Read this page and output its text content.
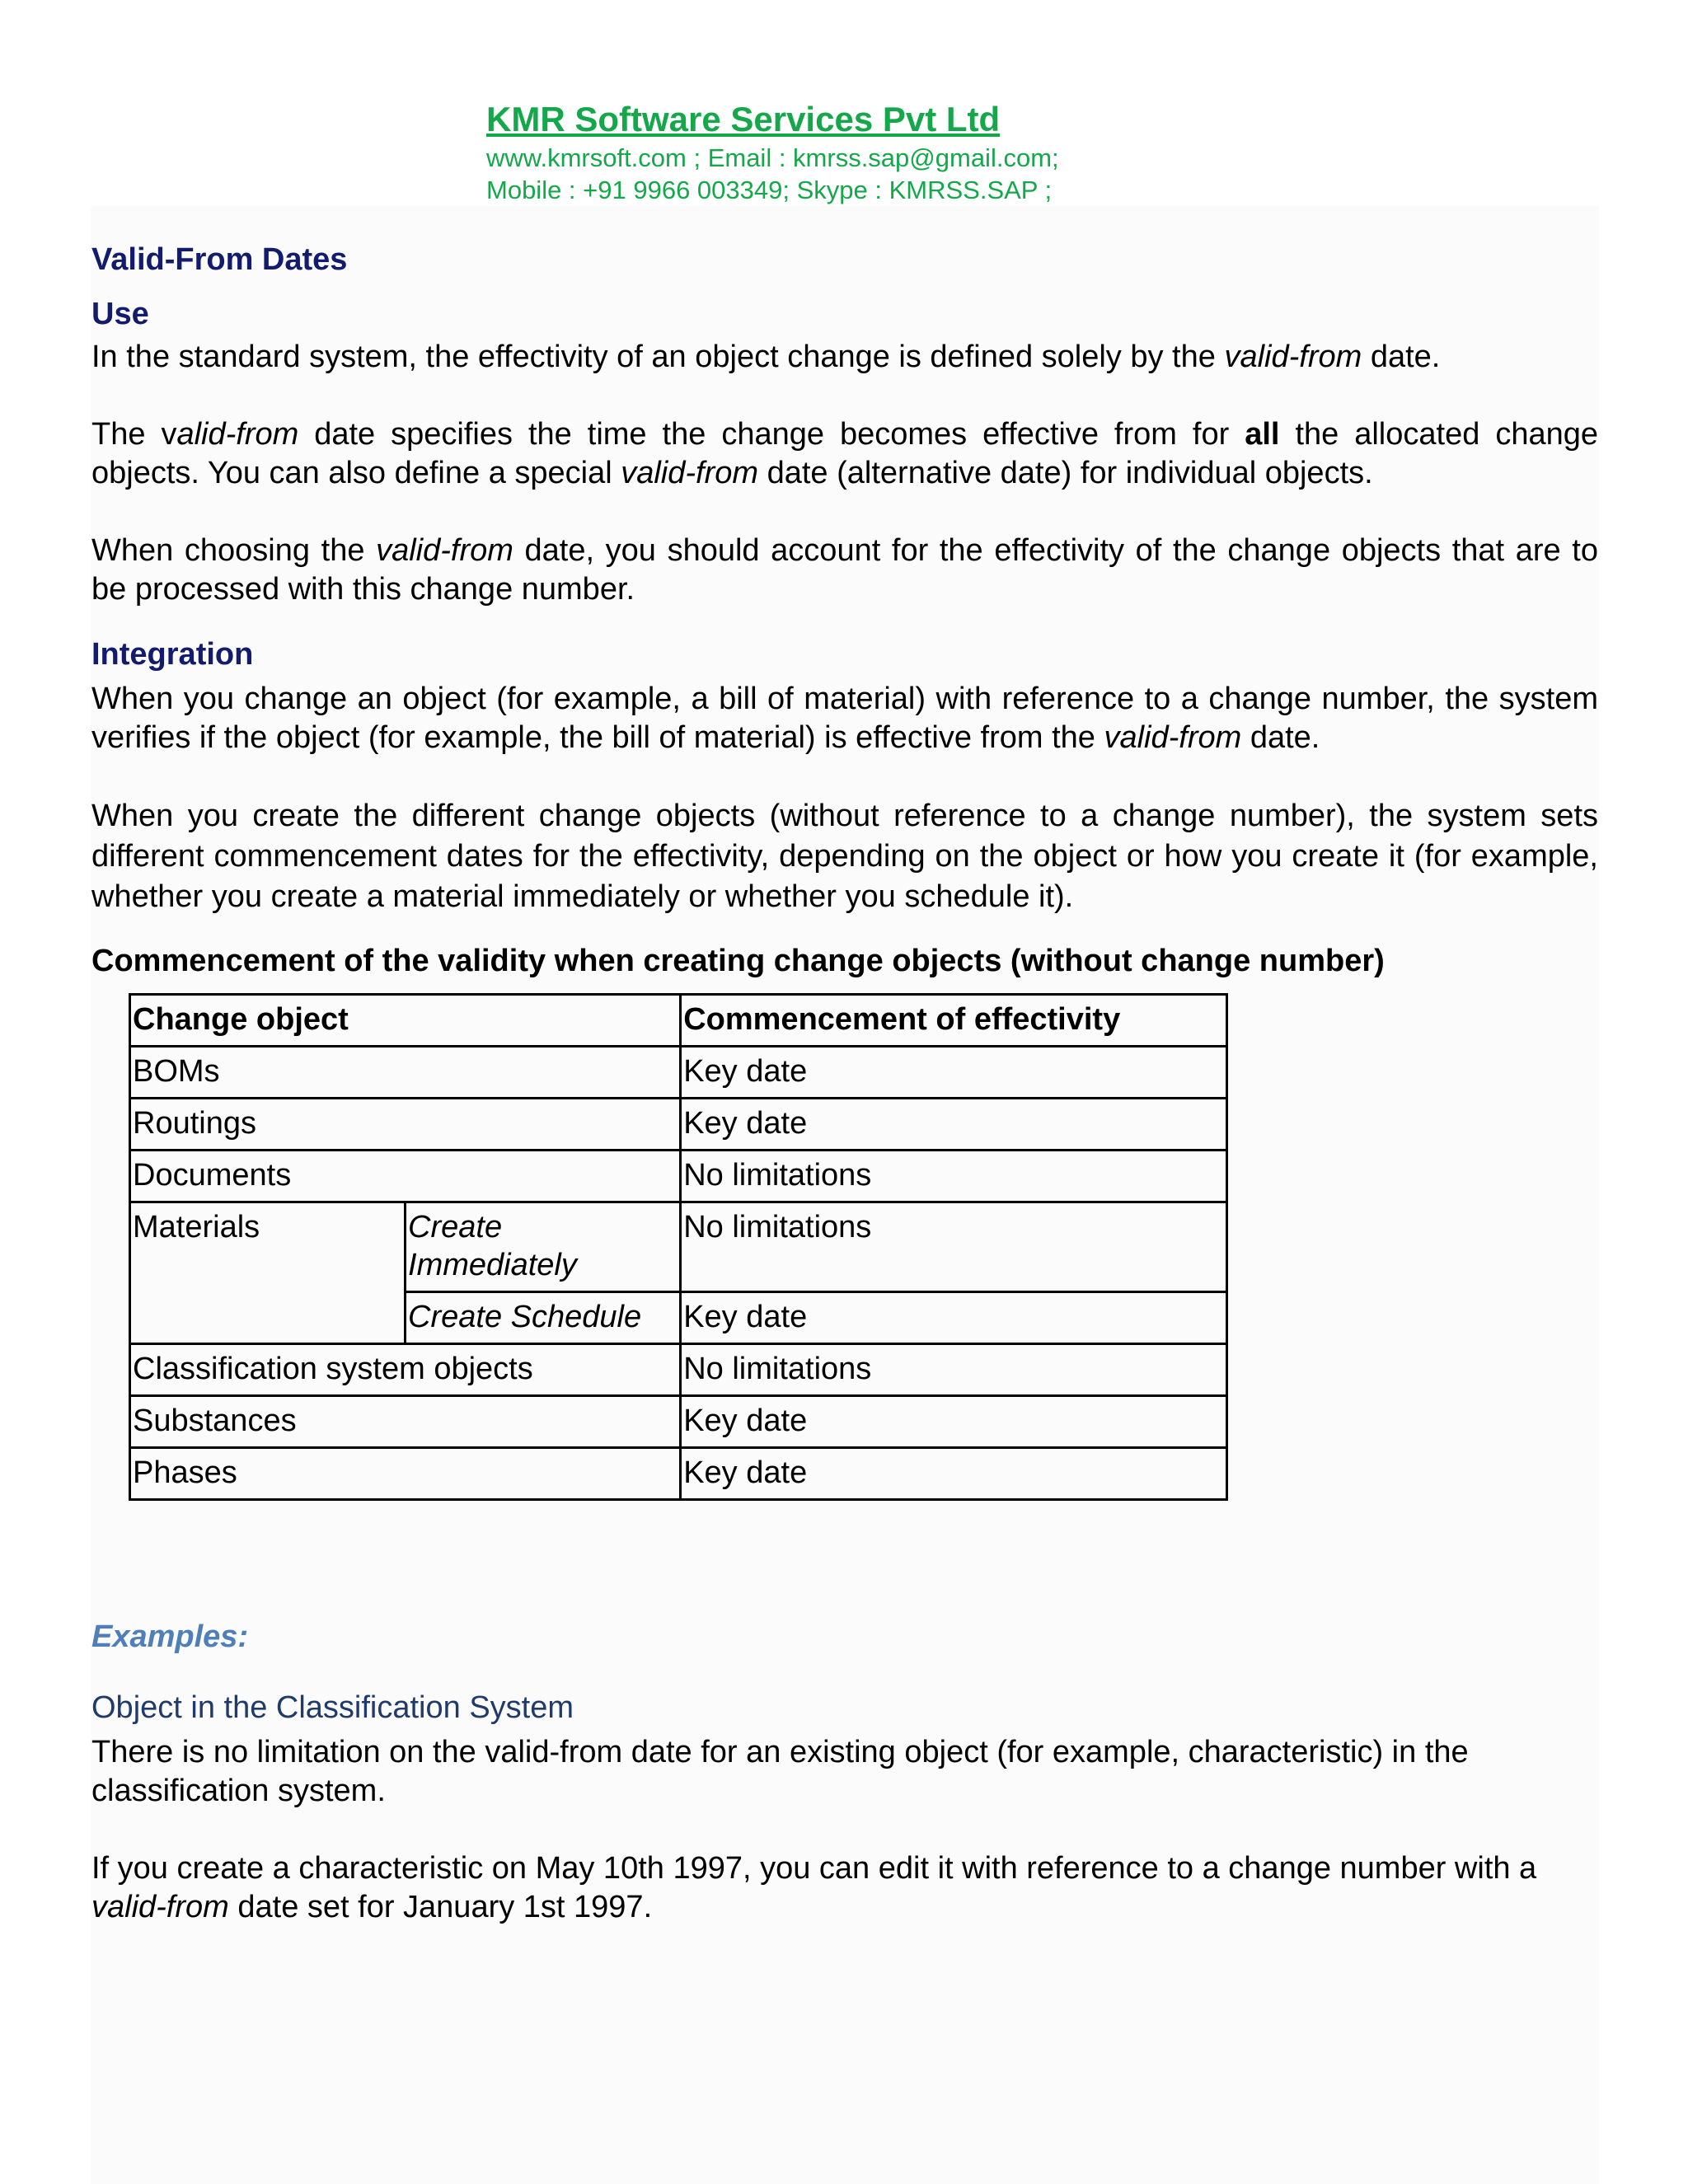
KMR Software Services Pvt Ltd
www.kmrsoft.com ; Email : kmrss.sap@gmail.com;
Mobile : +91 9966 003349; Skype : KMRSS.SAP ;
Valid-From Dates
Use

In the standard system, the effectivity of an object change is defined solely by the valid-from date.

The valid-from date specifies the time the change becomes effective from for all the allocated change objects. You can also define a special valid-from date (alternative date) for individual objects.

When choosing the valid-from date, you should account for the effectivity of the change objects that are to be processed with this change number.

Integration

When you change an object (for example, a bill of material) with reference to a change number, the system verifies if the object (for example, the bill of material) is effective from the valid-from date.

When you create the different change objects (without reference to a change number), the system sets different commencement dates for the effectivity, depending on the object or how you create it (for example, whether you create a material immediately or whether you schedule it).

Commencement of the validity when creating change objects (without change number)

Change object		Commencement of effectivity
BOMs		Key date
Routings		Key date
Documents		No limitations
Materials	Create Immediately	No limitations
	Create Schedule	Key date
Classification system objects		No limitations
Substances		Key date
Phases		Key date

Examples:

Object in the Classification System

There is no limitation on the valid-from date for an existing object (for example, characteristic) in the classification system.

If you create a characteristic on May 10th 1997, you can edit it with reference to a change number with a valid-from date set for January 1st 1997.
